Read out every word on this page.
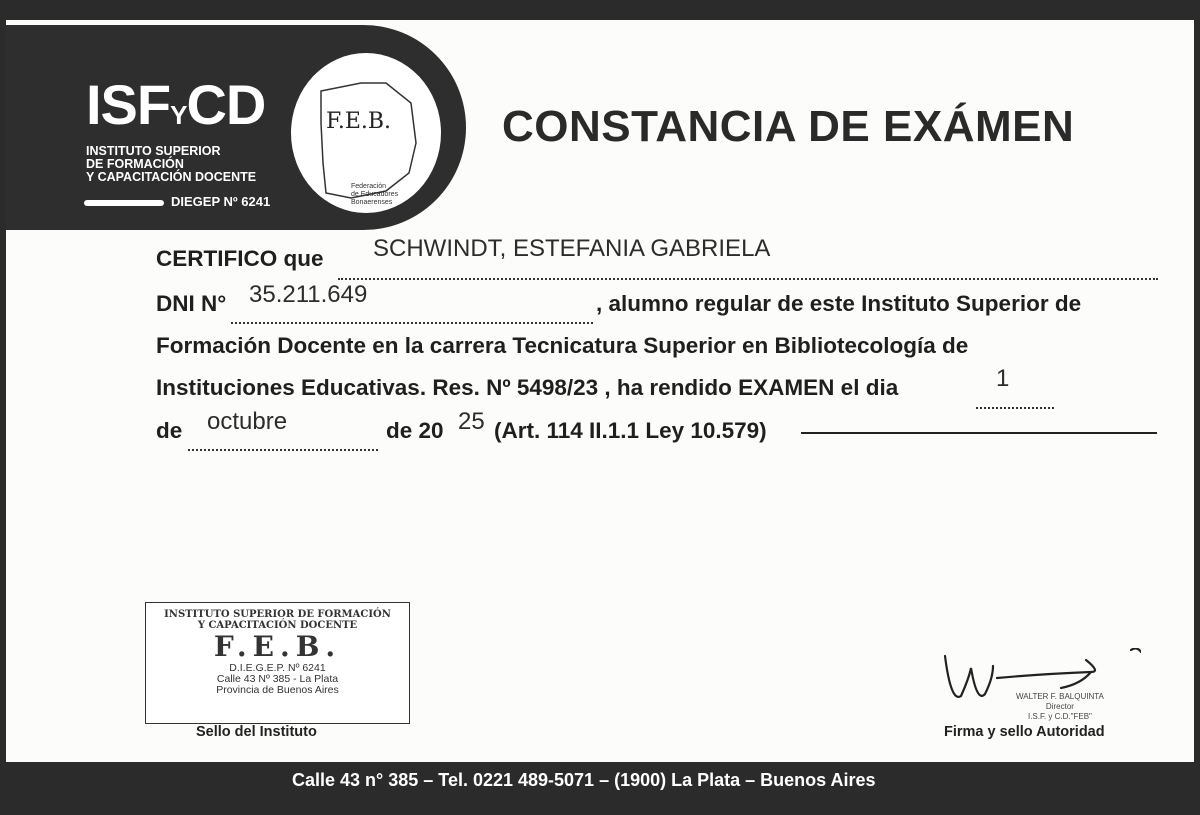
ISFYCD
INSTITUTO SUPERIOR
DE FORMACIÓN
Y CAPACITACIÓN DOCENTE
DIEGEP Nº 6241
F.E.B.
Federación
de Educadores
Bonaerenses
CONSTANCIA DE EXÁMEN
CERTIFICO que SCHWINDT, ESTEFANIA GABRIELA
DNI N° 35.211.649	, alumno regular de este Instituto Superior de
Formación Docente en la carrera Tecnicatura Superior en Bibliotecología de
Instituciones Educativas. Res. Nº 5498/23 , ha rendido EXAMEN el dia	1
de octubre	de 20 25 (Art. 114 II.1.1 Ley 10.579)
INSTITUTO SUPERIOR DE FORMACIÓN
Y CAPACITACIÓN DOCENTE
F.E.B.
D.I.E.G.E.P. Nº 6241
Calle 43 Nº 385 - La Plata
Provincia de Buenos Aires
Sello del Instituto
WALTER F. BALQUINTA
Director
I.S.F. y C.D."FEB"
Firma y sello Autoridad
Calle 43 n° 385 – Tel. 0221 489-5071 – (1900) La Plata – Buenos Aires
